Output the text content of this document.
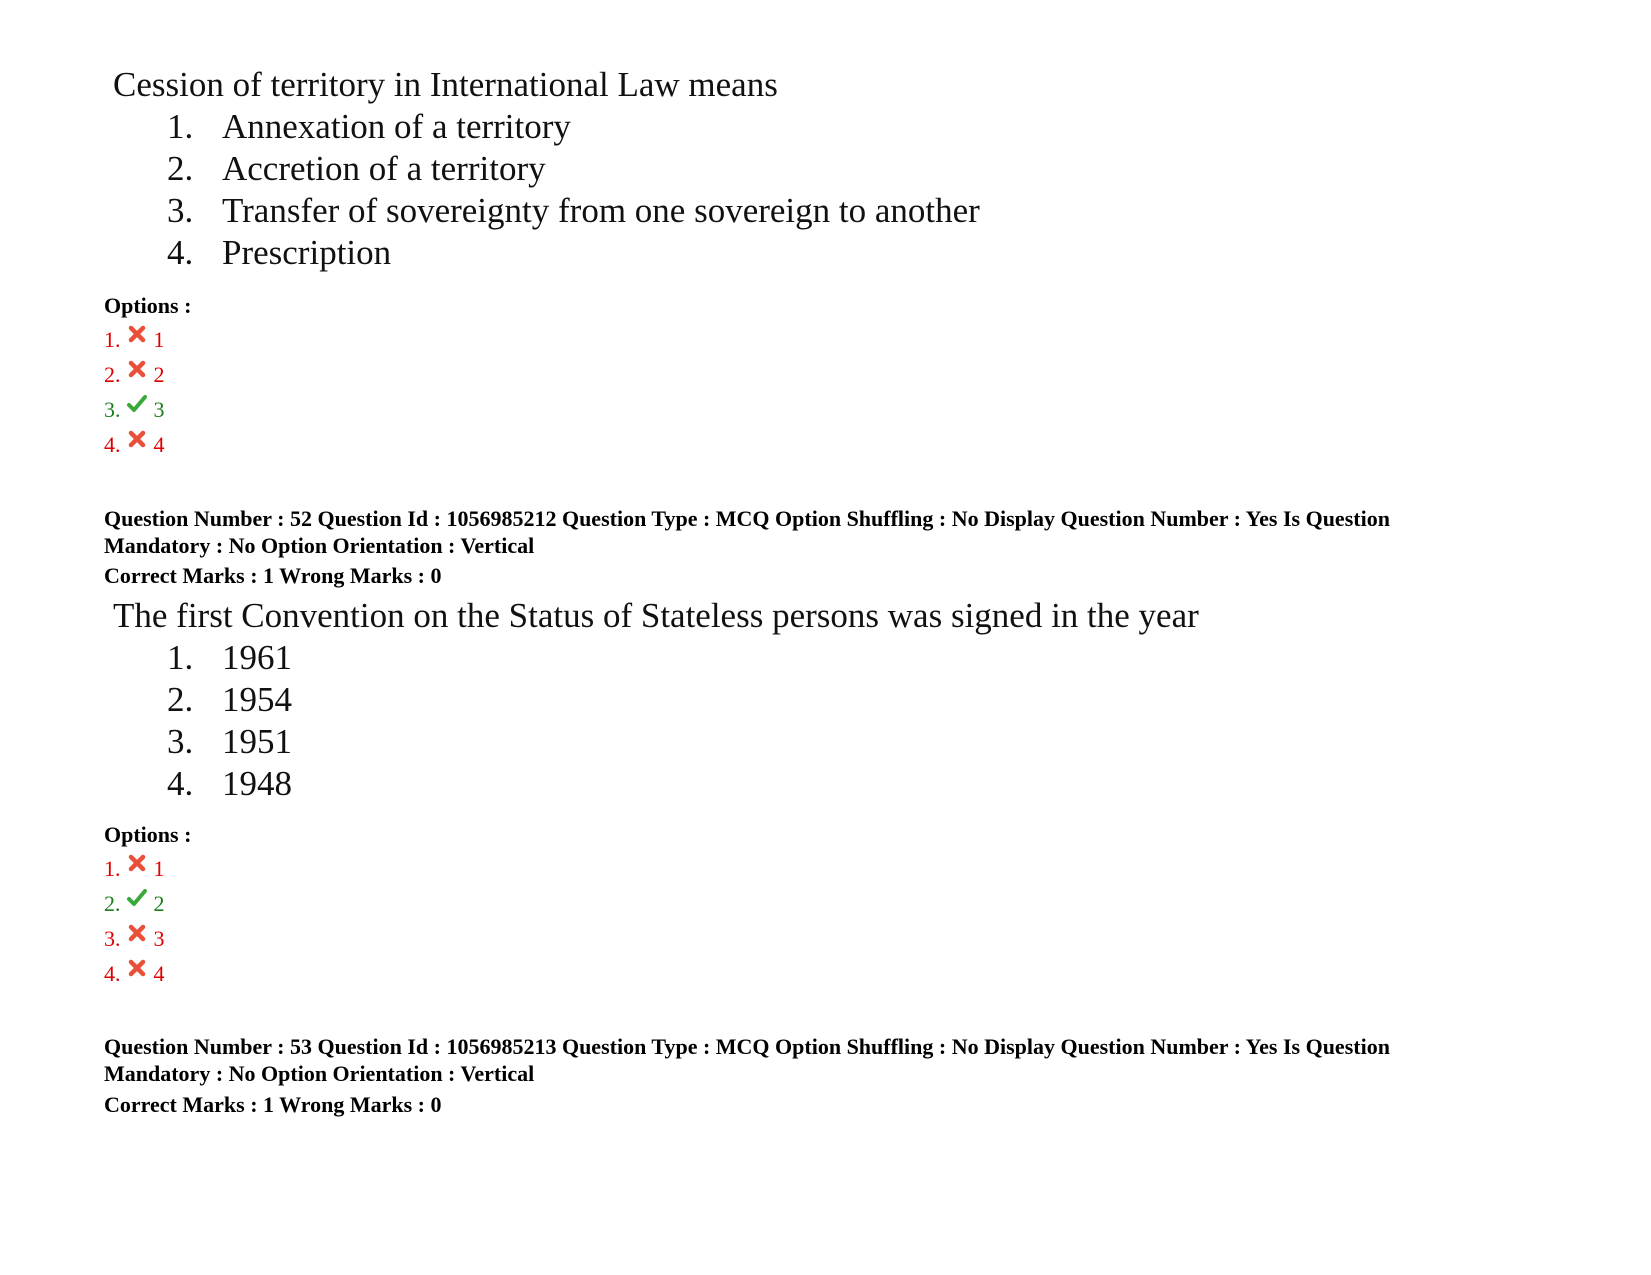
Cession of territory in International Law means
1. Annexation of a territory
2. Accretion of a territory
3. Transfer of sovereignty from one sovereign to another
4. Prescription
Options :
1. 1
2. 2
3. 3
4. 4
Question Number : 52 Question Id : 1056985212 Question Type : MCQ Option Shuffling : No Display Question Number : Yes Is Question
Mandatory : No Option Orientation : Vertical
Correct Marks : 1 Wrong Marks : 0
The first Convention on the Status of Stateless persons was signed in the year
1. 1961
2. 1954
3. 1951
4. 1948
Options :
1. 1
2. 2
3. 3
4. 4
Question Number : 53 Question Id : 1056985213 Question Type : MCQ Option Shuffling : No Display Question Number : Yes Is Question
Mandatory : No Option Orientation : Vertical
Correct Marks : 1 Wrong Marks : 0
